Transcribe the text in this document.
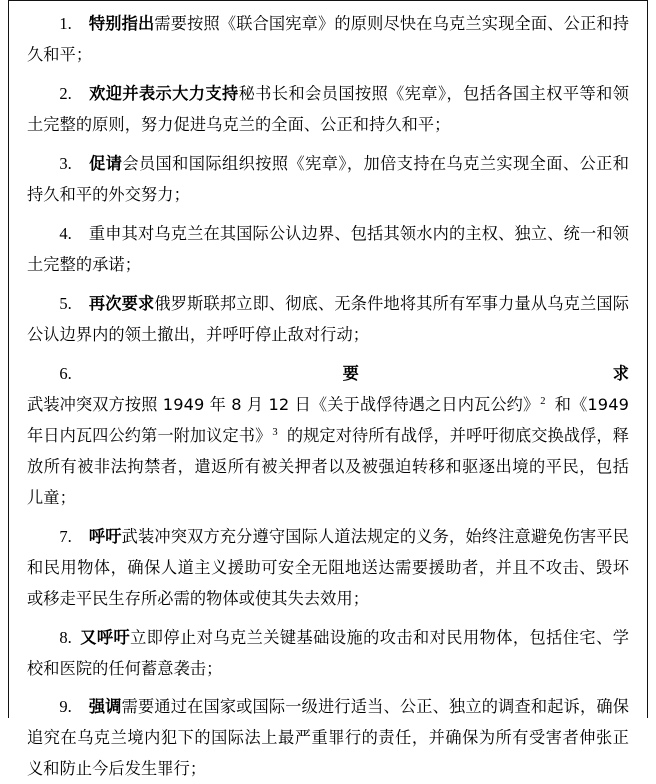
1. 特别指出需要按照《联合国宪章》的原则尽快在乌克兰实现全面、公正和持久和平；

2. 欢迎并表示大力支持秘书长和会员国按照《宪章》，包括各国主权平等和领土完整的原则，努力促进乌克兰的全面、公正和持久和平；

3. 促请会员国和国际组织按照《宪章》，加倍支持在乌克兰实现全面、公正和持久和平的外交努力；

4. 重申其对乌克兰在其国际公认边界、包括其领水内的主权、独立、统一和领土完整的承诺；

5. 再次要求俄罗斯联邦立即、彻底、无条件地将其所有军事力量从乌克兰国际公认边界内的领土撤出，并呼吁停止敌对行动；

6. 要求武装冲突双方按照 1949 年 8 月 12 日《关于战俘待遇之日内瓦公约》$^2$ 和《1949 年日内瓦四公约第一附加议定书》$^3$ 的规定对待所有战俘，并呼吁彻底交换战俘，释放所有被非法拘禁者，遣返所有被关押者以及被强迫转移和驱逐出境的平民，包括儿童；

7. 呼吁武装冲突双方充分遵守国际人道法规定的义务，始终注意避免伤害平民和民用物体，确保人道主义援助可安全无阻地送达需要援助者，并且不攻击、毁坏或移走平民生存所必需的物体或使其失去效用；

8. 又呼吁立即停止对乌克兰关键基础设施的攻击和对民用物体，包括住宅、学校和医院的任何蓄意袭击；

9. 强调需要通过在国家或国际一级进行适当、公正、独立的调查和起诉，确保追究在乌克兰境内犯下的国际法上最严重罪行的责任，并确保为所有受害者伸张正义和防止今后发生罪行；
